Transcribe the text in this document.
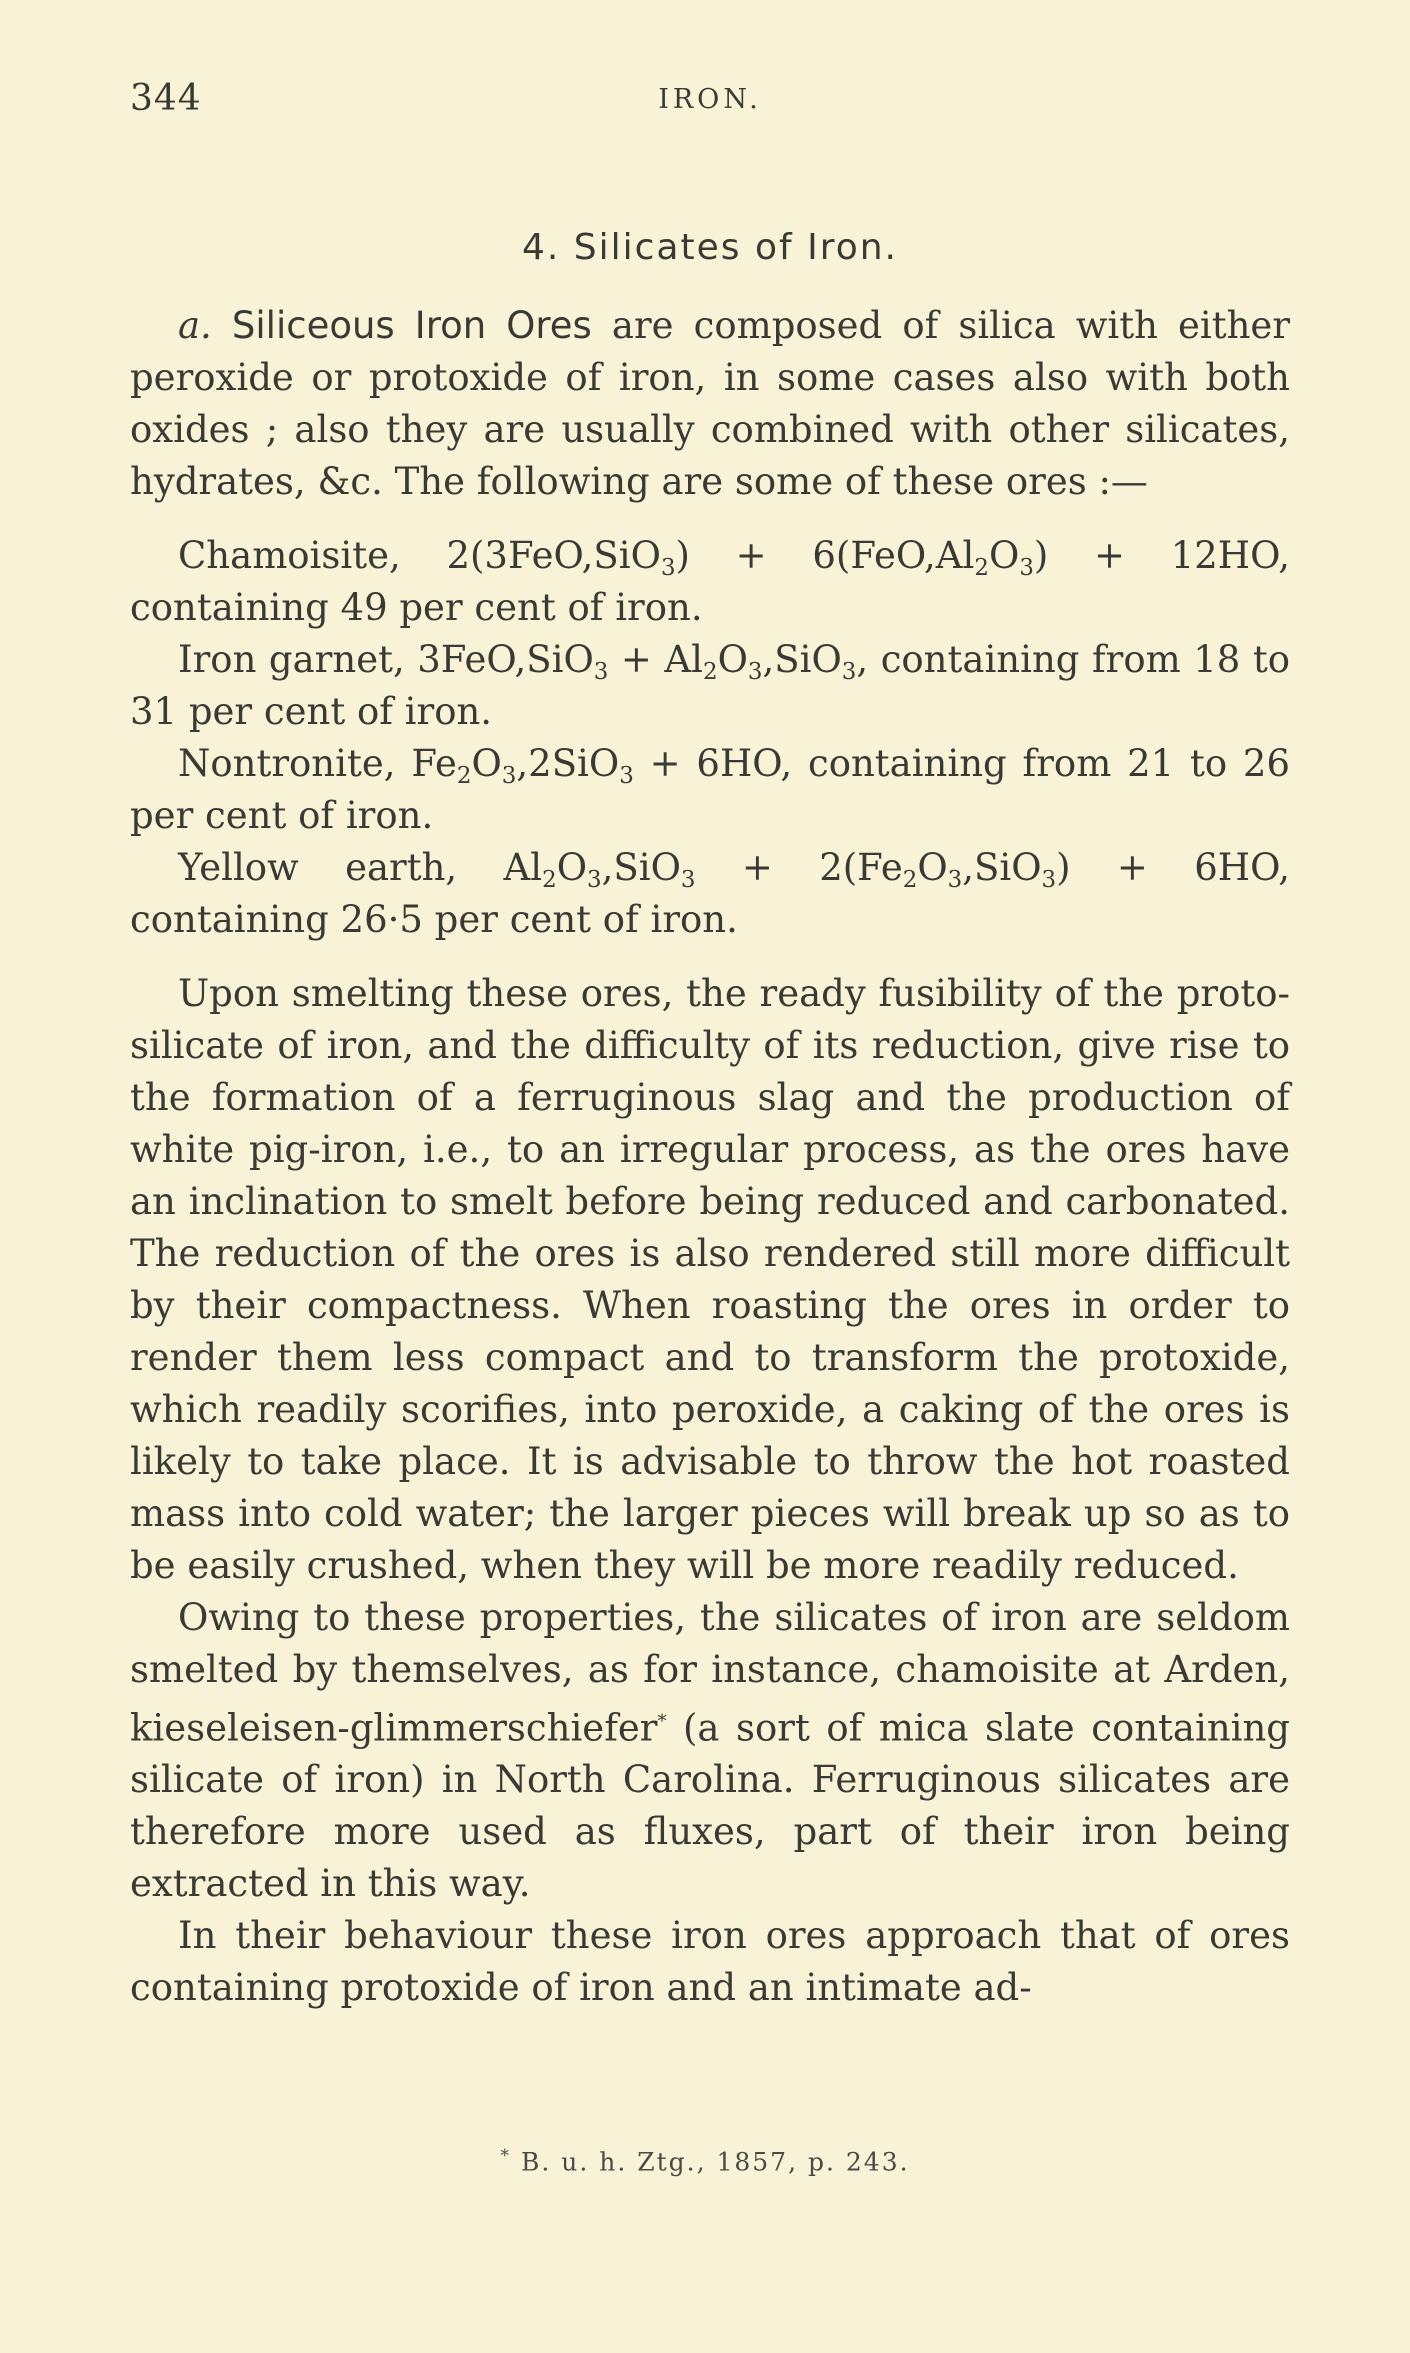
344	IRON.
4. Silicates of Iron.

a. Siliceous Iron Ores are composed of silica with either peroxide or protoxide of iron, in some cases also with both oxides ; also they are usually combined with other silicates, hydrates, &c. The following are some of these ores :—

Chamoisite, $2(3FeO,SiO_3) + 6(FeO,Al_2O_3) + 12HO$, containing 49 per cent of iron.

Iron garnet, $3FeO,SiO_3 + Al_2O_3,SiO_3$, containing from 18 to 31 per cent of iron.

Nontronite, $Fe_2O_3,2SiO_3 + 6HO$, containing from 21 to 26 per cent of iron.

Yellow earth, $Al_2O_3,SiO_3 + 2(Fe_2O_3,SiO_3) + 6HO$, containing 26·5 per cent of iron.

Upon smelting these ores, the ready fusibility of the proto-silicate of iron, and the difficulty of its reduction, give rise to the formation of a ferruginous slag and the production of white pig-iron, i.e., to an irregular process, as the ores have an inclination to smelt before being reduced and carbonated. The reduction of the ores is also rendered still more difficult by their compactness. When roasting the ores in order to render them less compact and to transform the protoxide, which readily scorifies, into peroxide, a caking of the ores is likely to take place. It is advisable to throw the hot roasted mass into cold water; the larger pieces will break up so as to be easily crushed, when they will be more readily reduced.

Owing to these properties, the silicates of iron are seldom smelted by themselves, as for instance, chamoisite at Arden, kieseleisen-glimmerschiefer* (a sort of mica slate containing silicate of iron) in North Carolina. Ferruginous silicates are therefore more used as fluxes, part of their iron being extracted in this way.

In their behaviour these iron ores approach that of ores containing protoxide of iron and an intimate ad-

* B. u. h. Ztg., 1857, p. 243.
